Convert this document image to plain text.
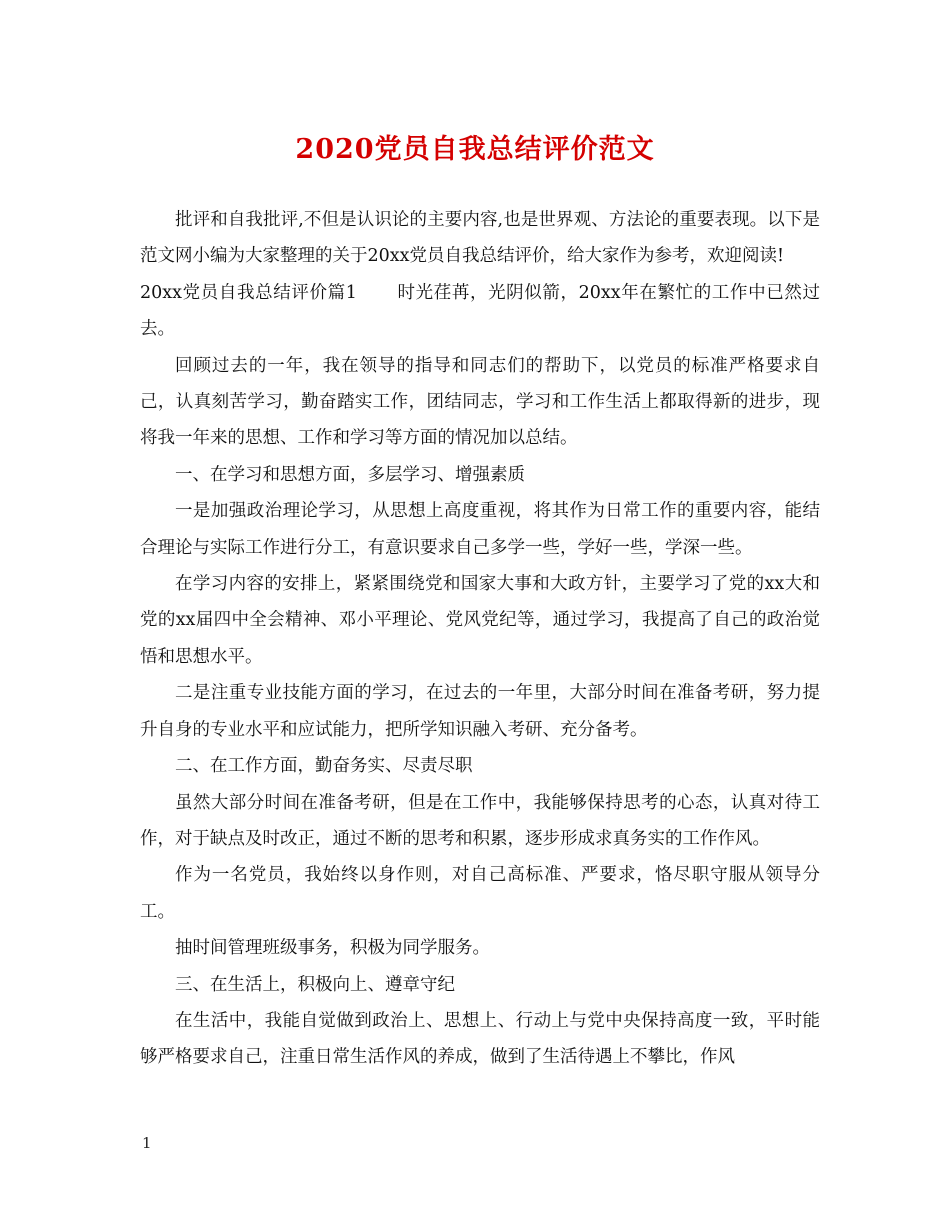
2020党员自我总结评价范文

批评和自我批评,不但是认识论的主要内容,也是世界观、方法论的重要表现。以下是范文网小编为大家整理的关于20xx党员自我总结评价，给大家作为参考，欢迎阅读!

20xx党员自我总结评价篇1 时光荏苒，光阴似箭，20xx年在繁忙的工作中已然过去。

回顾过去的一年，我在领导的指导和同志们的帮助下，以党员的标准严格要求自己，认真刻苦学习，勤奋踏实工作，团结同志，学习和工作生活上都取得新的进步，现将我一年来的思想、工作和学习等方面的情况加以总结。

一、在学习和思想方面，多层学习、增强素质

一是加强政治理论学习，从思想上高度重视，将其作为日常工作的重要内容，能结合理论与实际工作进行分工，有意识要求自己多学一些，学好一些，学深一些。

在学习内容的安排上，紧紧围绕党和国家大事和大政方针，主要学习了党的xx大和党的xx届四中全会精神、邓小平理论、党风党纪等，通过学习，我提高了自己的政治觉悟和思想水平。

二是注重专业技能方面的学习，在过去的一年里，大部分时间在准备考研，努力提升自身的专业水平和应试能力，把所学知识融入考研、充分备考。

二、在工作方面，勤奋务实、尽责尽职

虽然大部分时间在准备考研，但是在工作中，我能够保持思考的心态，认真对待工作，对于缺点及时改正，通过不断的思考和积累，逐步形成求真务实的工作作风。

作为一名党员，我始终以身作则，对自己高标准、严要求，恪尽职守服从领导分工。

抽时间管理班级事务，积极为同学服务。

三、在生活上，积极向上、遵章守纪

在生活中，我能自觉做到政治上、思想上、行动上与党中央保持高度一致，平时能够严格要求自己，注重日常生活作风的养成，做到了生活待遇上不攀比，作风

1
